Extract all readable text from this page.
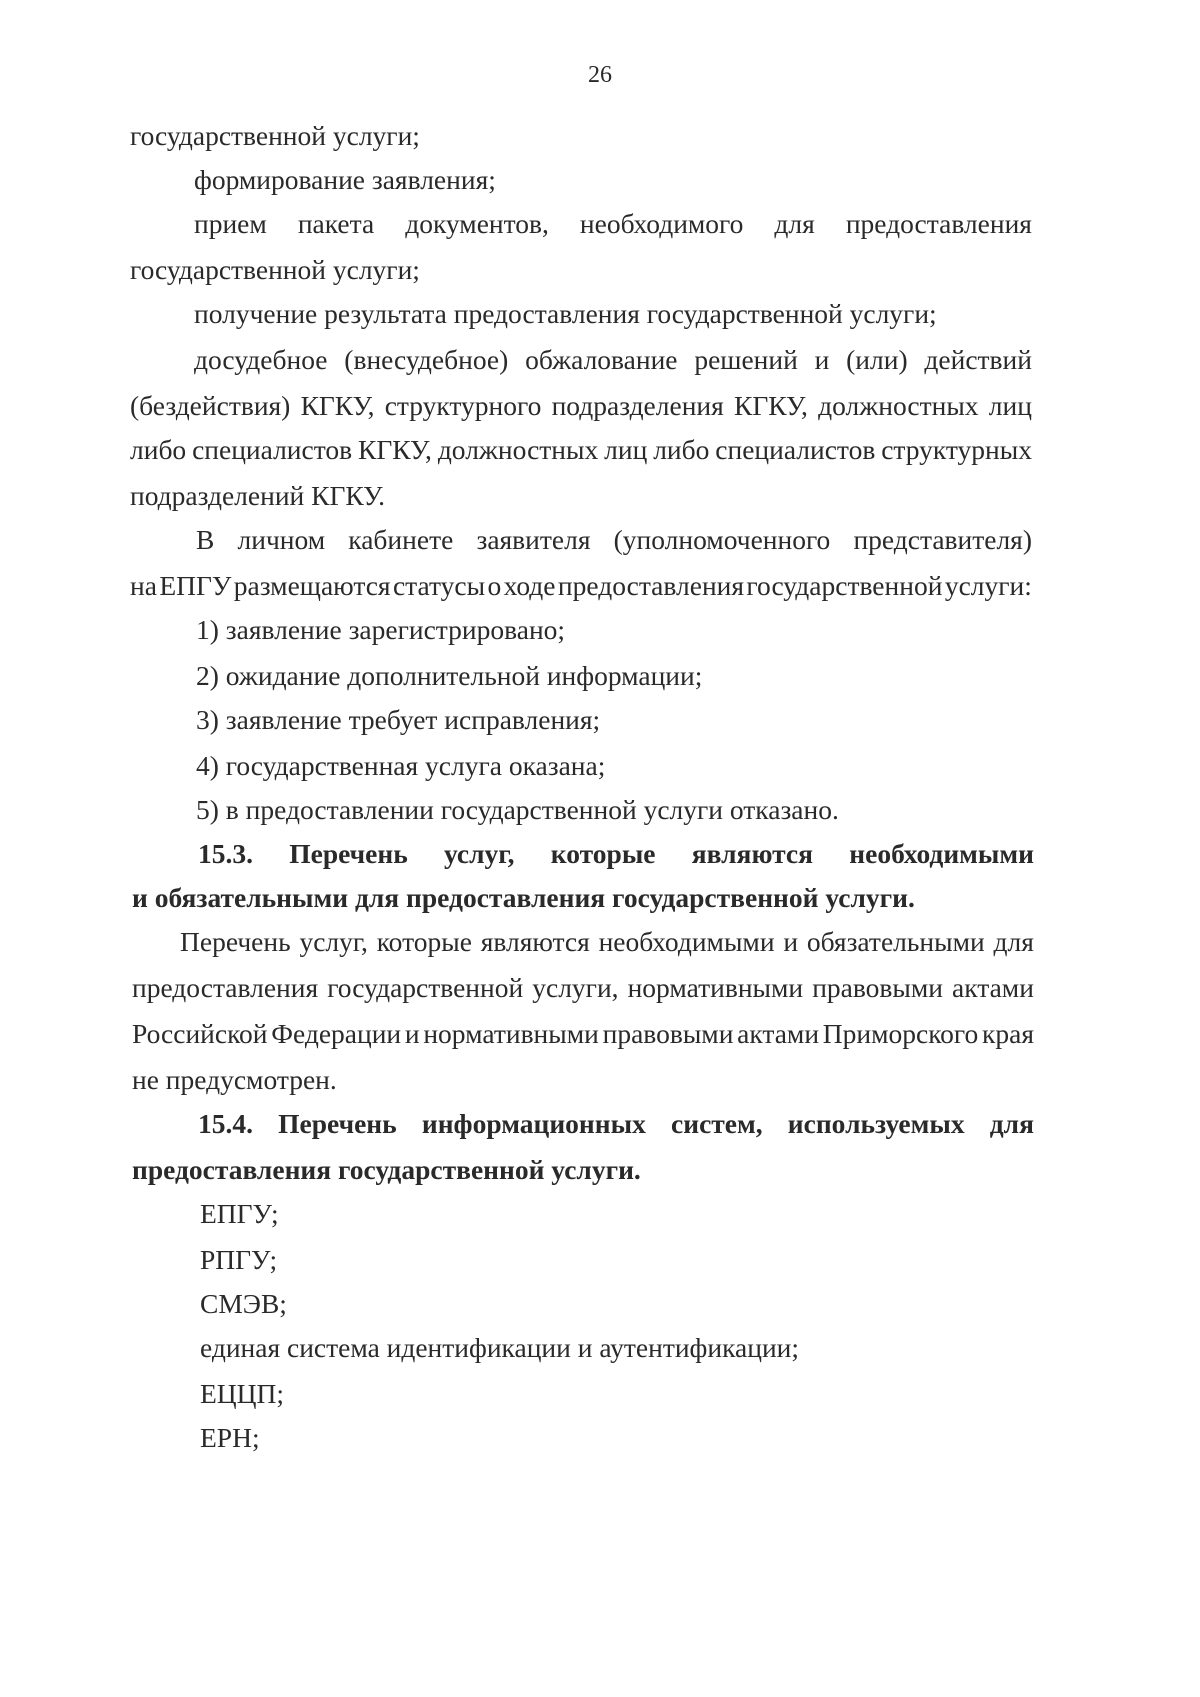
26
государственной услуги;
формирование заявления;
прием пакета документов, необходимого для предоставления
государственной услуги;
получение результата предоставления государственной услуги;
досудебное (внесудебное) обжалование решений и (или) действий
(бездействия) КГКУ, структурного подразделения КГКУ, должностных лиц
либо специалистов КГКУ, должностных лиц либо специалистов структурных
подразделений КГКУ.
В личном кабинете заявителя (уполномоченного представителя)
на ЕПГУ размещаются статусы о ходе предоставления государственной услуги:
1) заявление зарегистрировано;
2) ожидание дополнительной информации;
3) заявление требует исправления;
4) государственная услуга оказана;
5) в предоставлении государственной услуги отказано.
15.3. Перечень услуг, которые являются необходимыми
и обязательными для предоставления государственной услуги.
Перечень услуг, которые являются необходимыми и обязательными для
предоставления государственной услуги, нормативными правовыми актами
Российской Федерации и нормативными правовыми актами Приморского края
не предусмотрен.
15.4. Перечень информационных систем, используемых для
предоставления государственной услуги.
ЕПГУ;
РПГУ;
СМЭВ;
единая система идентификации и аутентификации;
ЕЦЦП;
ЕРН;
